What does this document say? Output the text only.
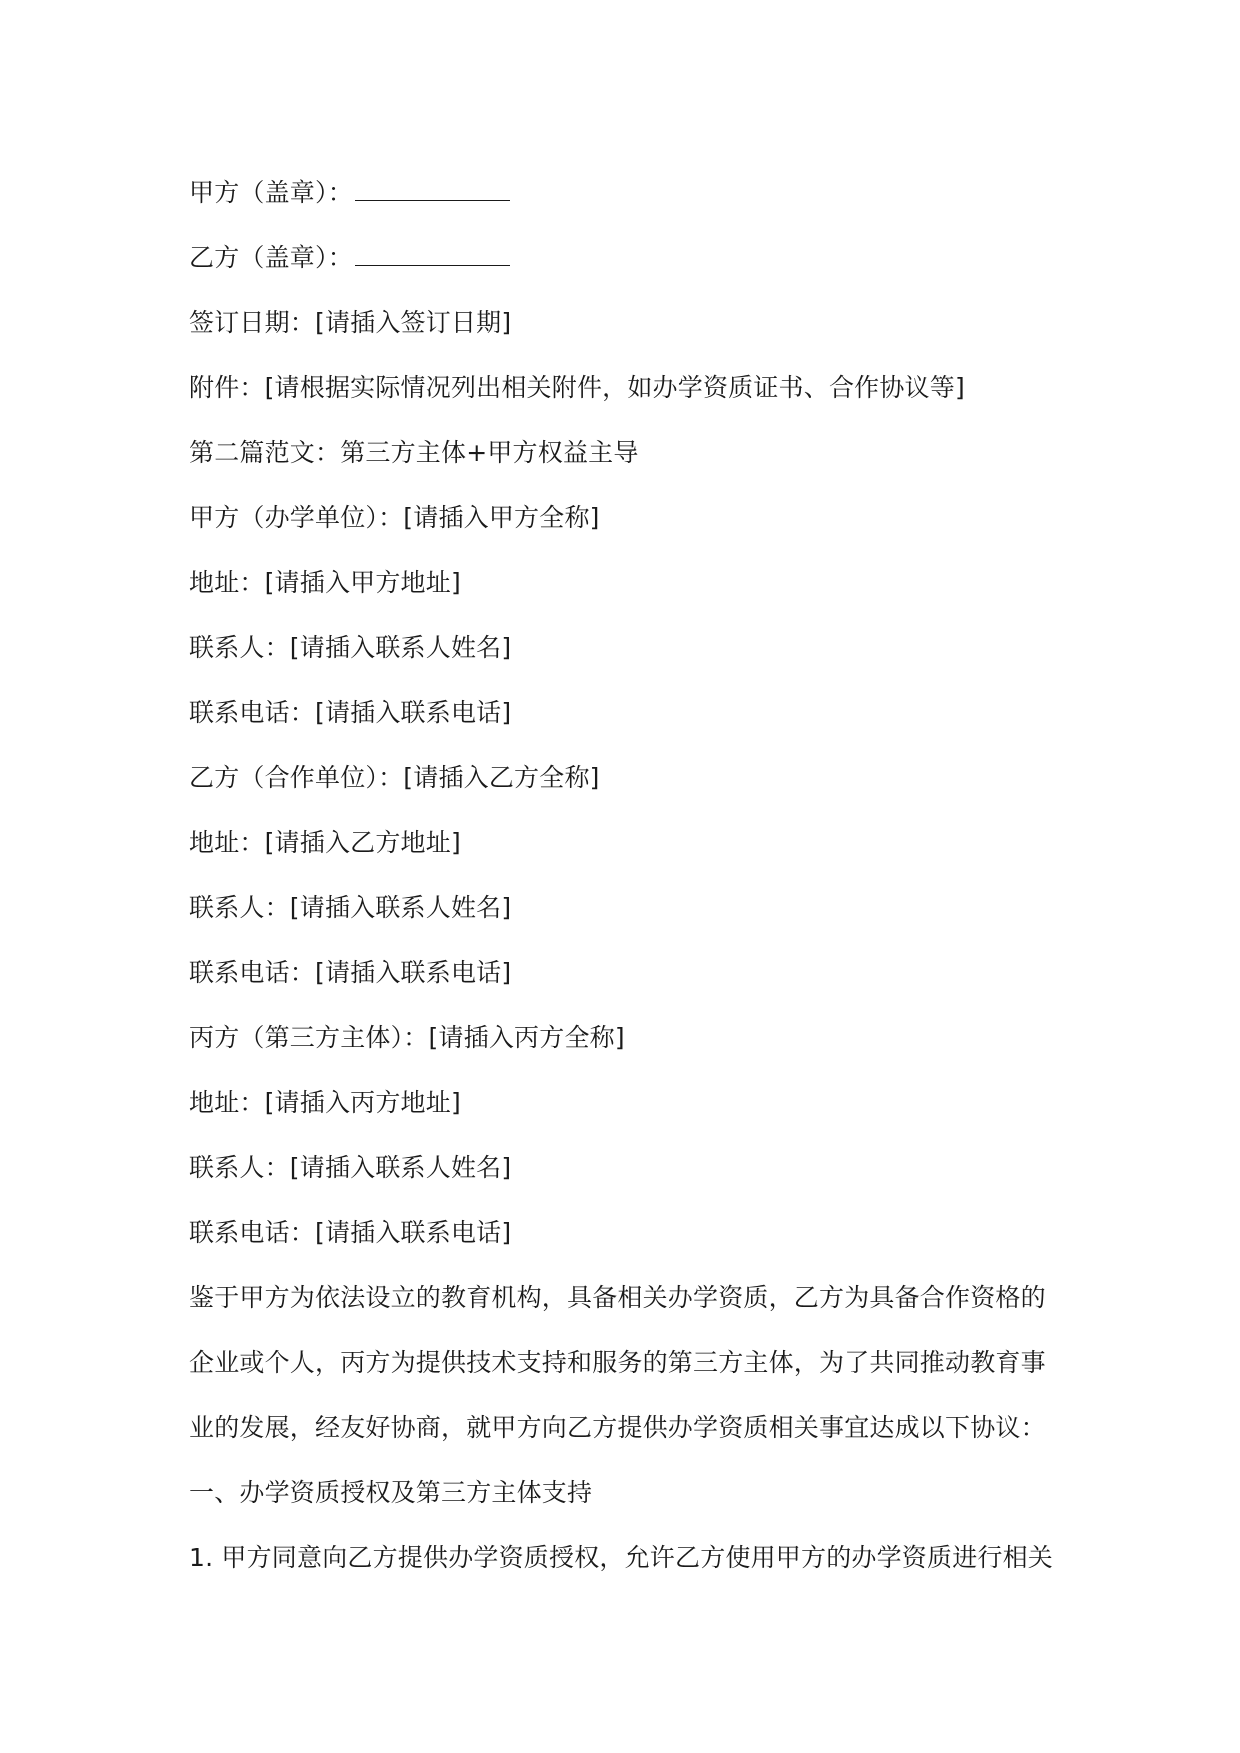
甲方（盖章）：
乙方（盖章）：
签订日期：[请插入签订日期]
附件：[请根据实际情况列出相关附件，如办学资质证书、合作协议等]
第二篇范文：第三方主体+甲方权益主导
甲方（办学单位）：[请插入甲方全称]
地址：[请插入甲方地址]
联系人：[请插入联系人姓名]
联系电话：[请插入联系电话]
乙方（合作单位）：[请插入乙方全称]
地址：[请插入乙方地址]
联系人：[请插入联系人姓名]
联系电话：[请插入联系电话]
丙方（第三方主体）：[请插入丙方全称]
地址：[请插入丙方地址]
联系人：[请插入联系人姓名]
联系电话：[请插入联系电话]
鉴于甲方为依法设立的教育机构，具备相关办学资质，乙方为具备合作资格的
企业或个人，丙方为提供技术支持和服务的第三方主体，为了共同推动教育事
业的发展，经友好协商，就甲方向乙方提供办学资质相关事宜达成以下协议：
一、办学资质授权及第三方主体支持
1. 甲方同意向乙方提供办学资质授权，允许乙方使用甲方的办学资质进行相关
